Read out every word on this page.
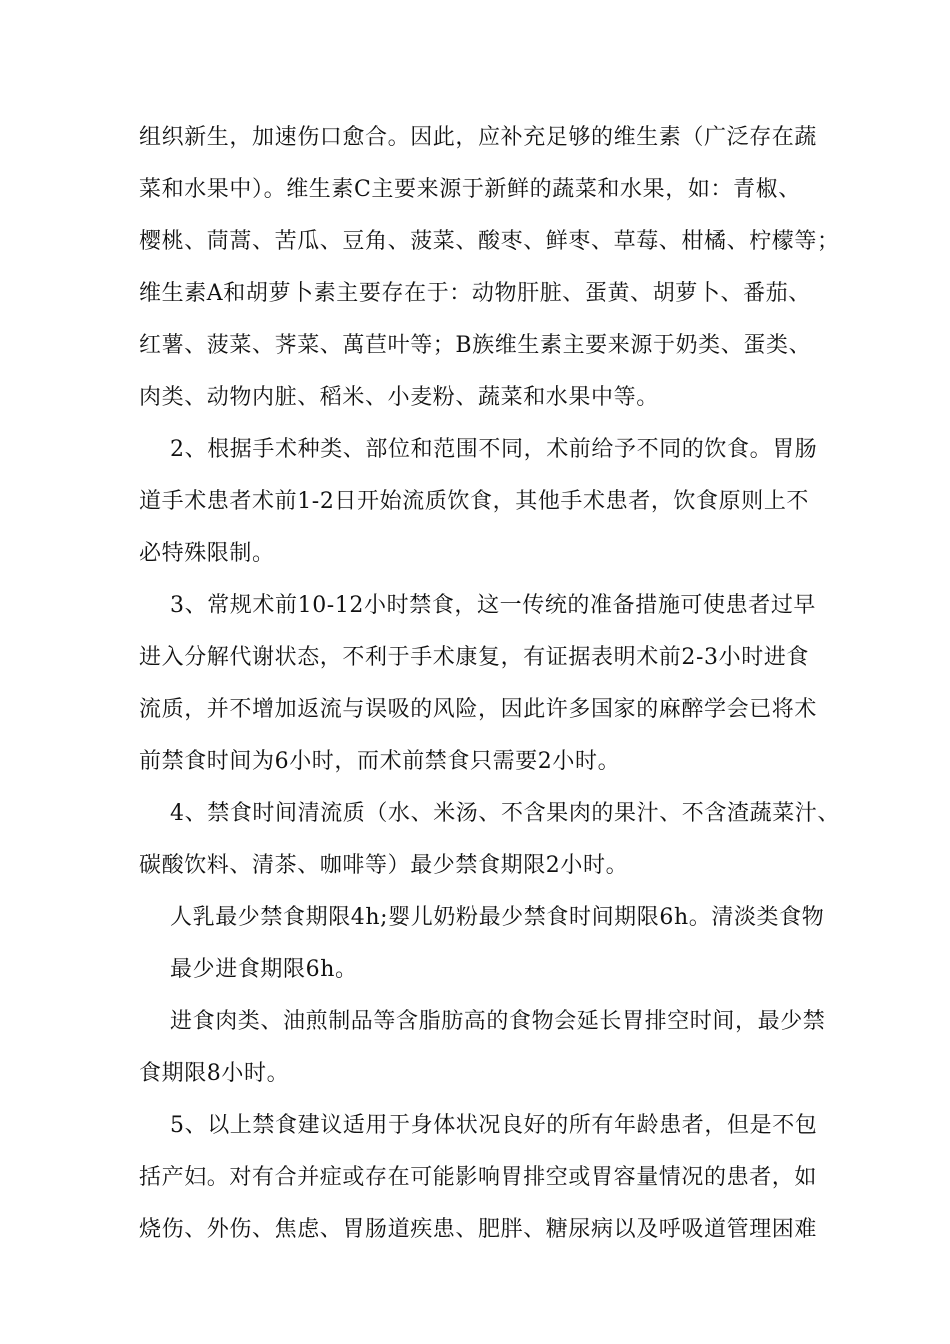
组织新生，加速伤口愈合。因此，应补充足够的维生素（广泛存在蔬
菜和水果中）。维生素C主要来源于新鲜的蔬菜和水果，如：青椒、
樱桃、茼蒿、苦瓜、豆角、菠菜、酸枣、鲜枣、草莓、柑橘、柠檬等；
维生素A和胡萝卜素主要存在于：动物肝脏、蛋黄、胡萝卜、番茄、
红薯、菠菜、荠菜、萬苣叶等；B族维生素主要来源于奶类、蛋类、
肉类、动物内脏、稻米、小麦粉、蔬菜和水果中等。
2、根据手术种类、部位和范围不同，术前给予不同的饮食。胃肠
道手术患者术前1-2日开始流质饮食，其他手术患者，饮食原则上不
必特殊限制。
3、常规术前10-12小时禁食，这一传统的准备措施可使患者过早
进入分解代谢状态，不利于手术康复，有证据表明术前2-3小时进食
流质，并不增加返流与误吸的风险，因此许多国家的麻醉学会已将术
前禁食时间为6小时，而术前禁食只需要2小时。
4、禁食时间清流质（水、米汤、不含果肉的果汁、不含渣蔬菜汁、
碳酸饮料、清茶、咖啡等）最少禁食期限2小时。
人乳最少禁食期限4h;婴儿奶粉最少禁食时间期限6h。清淡类食物
最少进食期限6h。
进食肉类、油煎制品等含脂肪高的食物会延长胃排空时间，最少禁
食期限8小时。
5、以上禁食建议适用于身体状况良好的所有年龄患者，但是不包
括产妇。对有合并症或存在可能影响胃排空或胃容量情况的患者，如
烧伤、外伤、焦虑、胃肠道疾患、肥胖、糖尿病以及呼吸道管理困难
